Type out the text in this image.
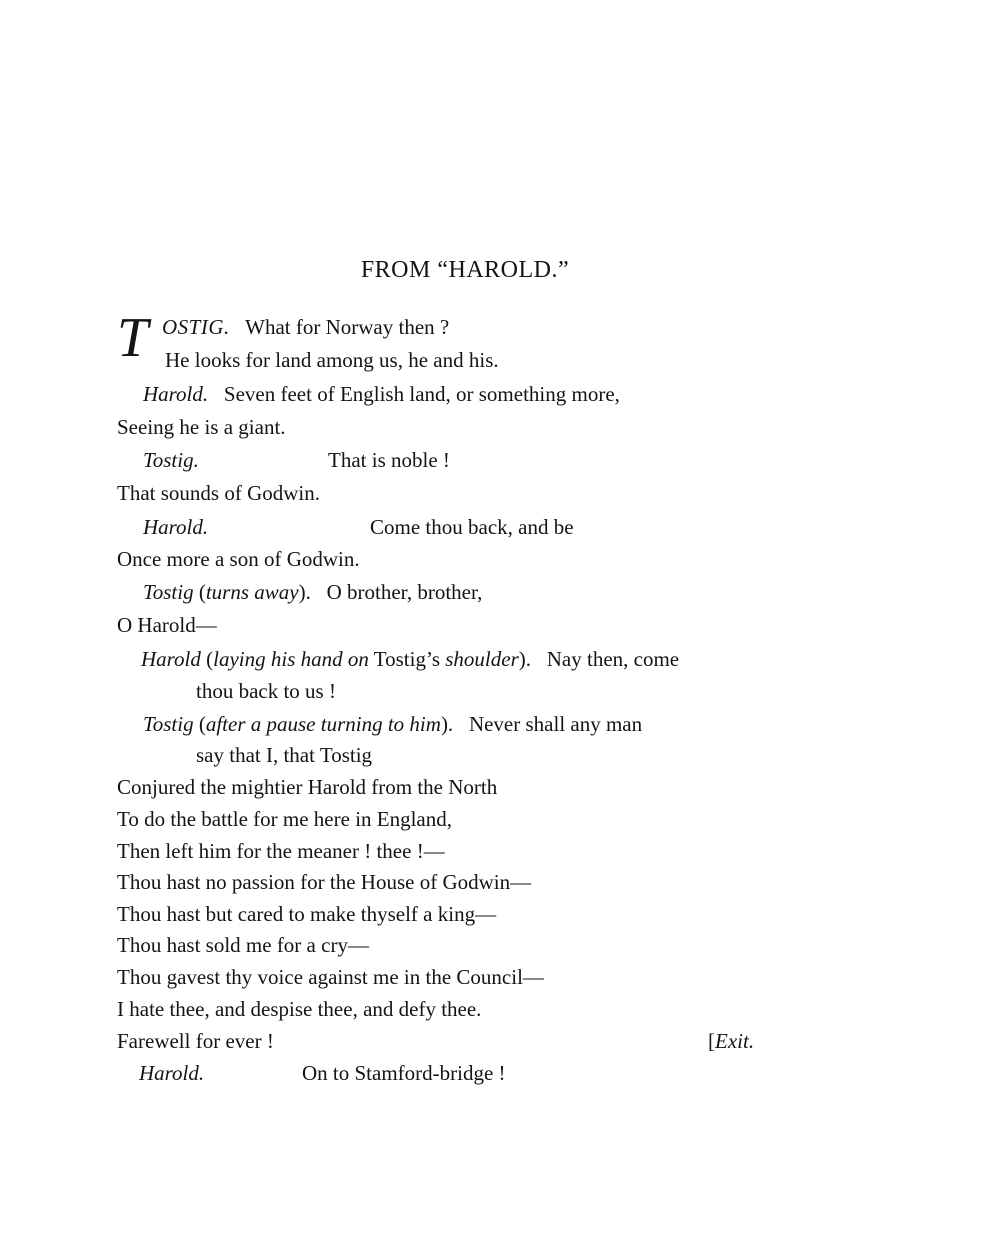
FROM “HAROLD.”
T OSTIG. What for Norway then ?
He looks for land among us, he and his.
Harold. Seven feet of English land, or something more,
Seeing he is a giant.
Tostig.	That is noble !
That sounds of Godwin.
Harold.	Come thou back, and be
Once more a son of Godwin.
Tostig (turns away). O brother, brother,
O Harold—
Harold (laying his hand on Tostig’s shoulder). Nay then, come
thou back to us !
Tostig (after a pause turning to him). Never shall any man
say that I, that Tostig
Conjured the mightier Harold from the North
To do the battle for me here in England,
Then left him for the meaner ! thee !—
Thou hast no passion for the House of Godwin—
Thou hast but cared to make thyself a king—
Thou hast sold me for a cry—
Thou gavest thy voice against me in the Council—
I hate thee, and despise thee, and defy thee.
Farewell for ever !	[Exit.
Harold.	On to Stamford-bridge !
